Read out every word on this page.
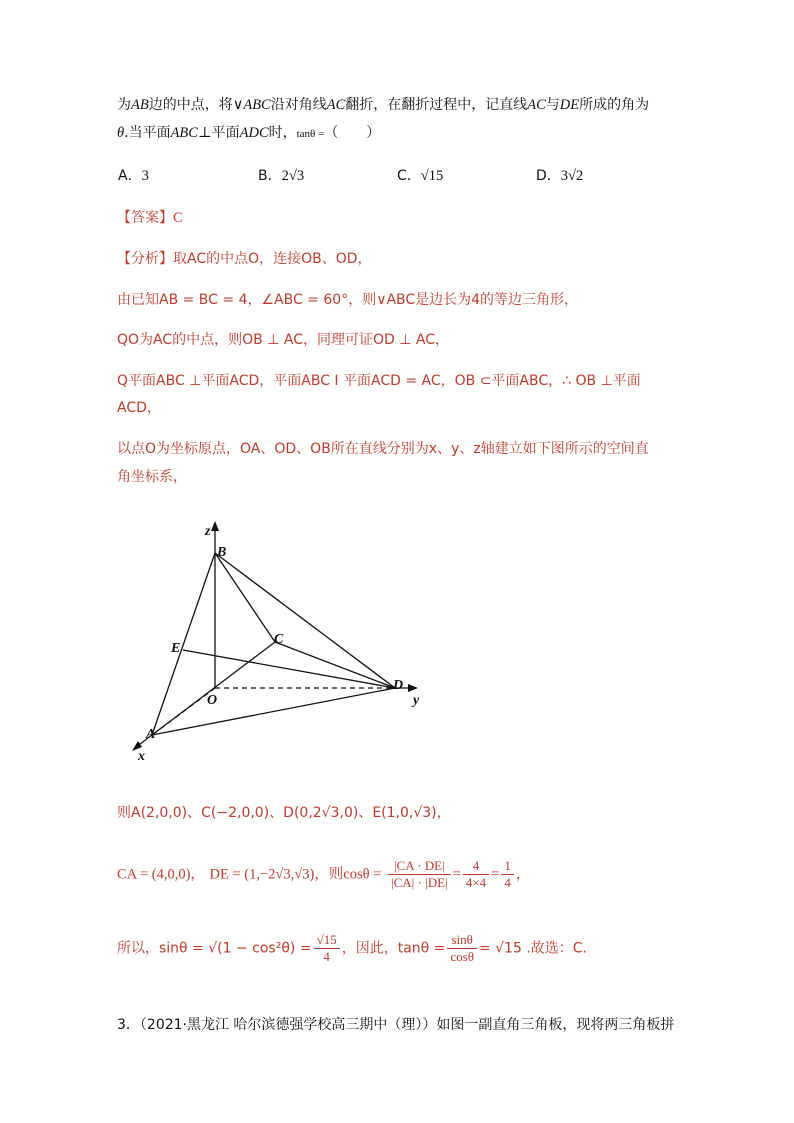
为AB边的中点，将∨ABC沿对角线AC翻折，在翻折过程中，记直线AC与DE所成的角为
θ.当平面ABC⊥平面ADC时，tanθ =（　　）
A．3	B．2√3	C．√15	D．3√2
【答案】C
【分析】取AC的中点O，连接OB、OD，
由已知AB = BC = 4，∠ABC = 60°，则∨ABC是边长为4的等边三角形，
QO为AC的中点，则OB ⊥ AC，同理可证OD ⊥ AC，
Q平面ABC ⊥平面ACD，平面ABC I 平面ACD = AC，OB ⊂平面ABC，∴ OB ⊥平面
ACD，
以点O为坐标原点，OA、OD、OB所在直线分别为x、y、z轴建立如下图所示的空间直
角坐标系，
z
B
C
E
D
y
O
A
x
则A(2,0,0)、C(−2,0,0)、D(0,2√3,0)、E(1,0,√3)，
CA = (4,0,0)， DE = (1,−2√3,√3)，则$\cos\theta = \frac{|CA \cdot DE|}{|CA| \cdot |DE|} = \frac{4}{4\times 4} = \frac{1}{4}$ ，
所以，$\sin\theta = √(1 - \cos^2\theta) = \frac{√15}{4}$ ，因此，$\tan\theta = \frac{\sin\theta}{\cos\theta} = √15$ .故选：C.
3．（2021·黑龙江 哈尔滨德强学校高三期中（理））如图一副直角三角板，现将两三角板拼
